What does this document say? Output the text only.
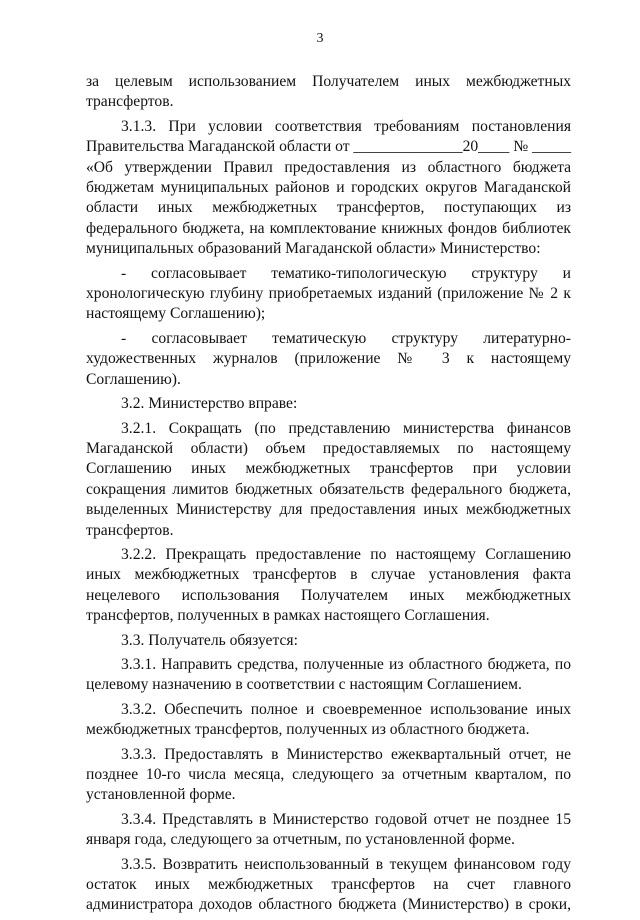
3

за целевым использованием Получателем иных межбюджетных трансфертов.

3.1.3. При условии соответствия требованиям постановления Правительства Магаданской области от ______________20____ № _____ «Об утверждении Правил предоставления из областного бюджета бюджетам муниципальных районов и городских округов Магаданской области иных межбюджетных трансфертов, поступающих из федерального бюджета, на комплектование книжных фондов библиотек муниципальных образований Магаданской области» Министерство:

- согласовывает тематико-типологическую структуру и хронологическую глубину приобретаемых изданий (приложение № 2 к настоящему Соглашению);

- согласовывает тематическую структуру литературно-художественных журналов (приложение № 3 к настоящему Соглашению).

3.2. Министерство вправе:

3.2.1. Сокращать (по представлению министерства финансов Магаданской области) объем предоставляемых по настоящему Соглашению иных межбюджетных трансфертов при условии сокращения лимитов бюджетных обязательств федерального бюджета, выделенных Министерству для предоставления иных межбюджетных трансфертов.

3.2.2. Прекращать предоставление по настоящему Соглашению иных межбюджетных трансфертов в случае установления факта нецелевого использования Получателем иных межбюджетных трансфертов, полученных в рамках настоящего Соглашения.

3.3. Получатель обязуется:

3.3.1. Направить средства, полученные из областного бюджета, по целевому назначению в соответствии с настоящим Соглашением.

3.3.2. Обеспечить полное и своевременное использование иных межбюджетных трансфертов, полученных из областного бюджета.

3.3.3. Предоставлять в Министерство ежеквартальный отчет, не позднее 10-го числа месяца, следующего за отчетным кварталом, по установленной форме.

3.3.4. Представлять в Министерство годовой отчет не позднее 15 января года, следующего за отчетным, по установленной форме.

3.3.5. Возвратить неиспользованный в текущем финансовом году остаток иных межбюджетных трансфертов на счет главного администратора доходов областного бюджета (Министерство) в сроки,
